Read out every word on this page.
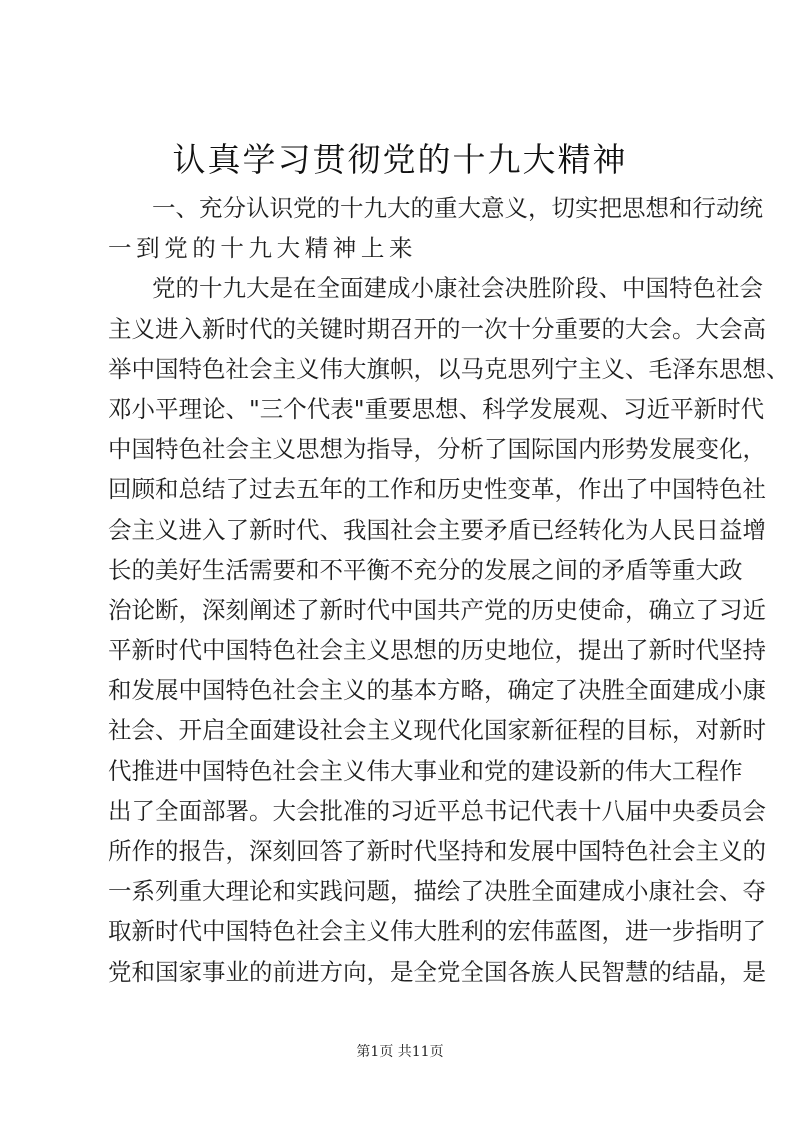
认真学习贯彻党的十九大精神
一、充分认识党的十九大的重大意义，切实把思想和行动统
一到党的十九大精神上来
党的十九大是在全面建成小康社会决胜阶段、中国特色社会
主义进入新时代的关键时期召开的一次十分重要的大会。大会高
举中国特色社会主义伟大旗帜，以马克思列宁主义、毛泽东思想、
邓小平理论、"三个代表"重要思想、科学发展观、习近平新时代
中国特色社会主义思想为指导，分析了国际国内形势发展变化，
回顾和总结了过去五年的工作和历史性变革，作出了中国特色社
会主义进入了新时代、我国社会主要矛盾已经转化为人民日益增
长的美好生活需要和不平衡不充分的发展之间的矛盾等重大政
治论断，深刻阐述了新时代中国共产党的历史使命，确立了习近
平新时代中国特色社会主义思想的历史地位，提出了新时代坚持
和发展中国特色社会主义的基本方略，确定了决胜全面建成小康
社会、开启全面建设社会主义现代化国家新征程的目标，对新时
代推进中国特色社会主义伟大事业和党的建设新的伟大工程作
出了全面部署。大会批准的习近平总书记代表十八届中央委员会
所作的报告，深刻回答了新时代坚持和发展中国特色社会主义的
一系列重大理论和实践问题，描绘了决胜全面建成小康社会、夺
取新时代中国特色社会主义伟大胜利的宏伟蓝图，进一步指明了
党和国家事业的前进方向，是全党全国各族人民智慧的结晶，是
第1页 共11页
